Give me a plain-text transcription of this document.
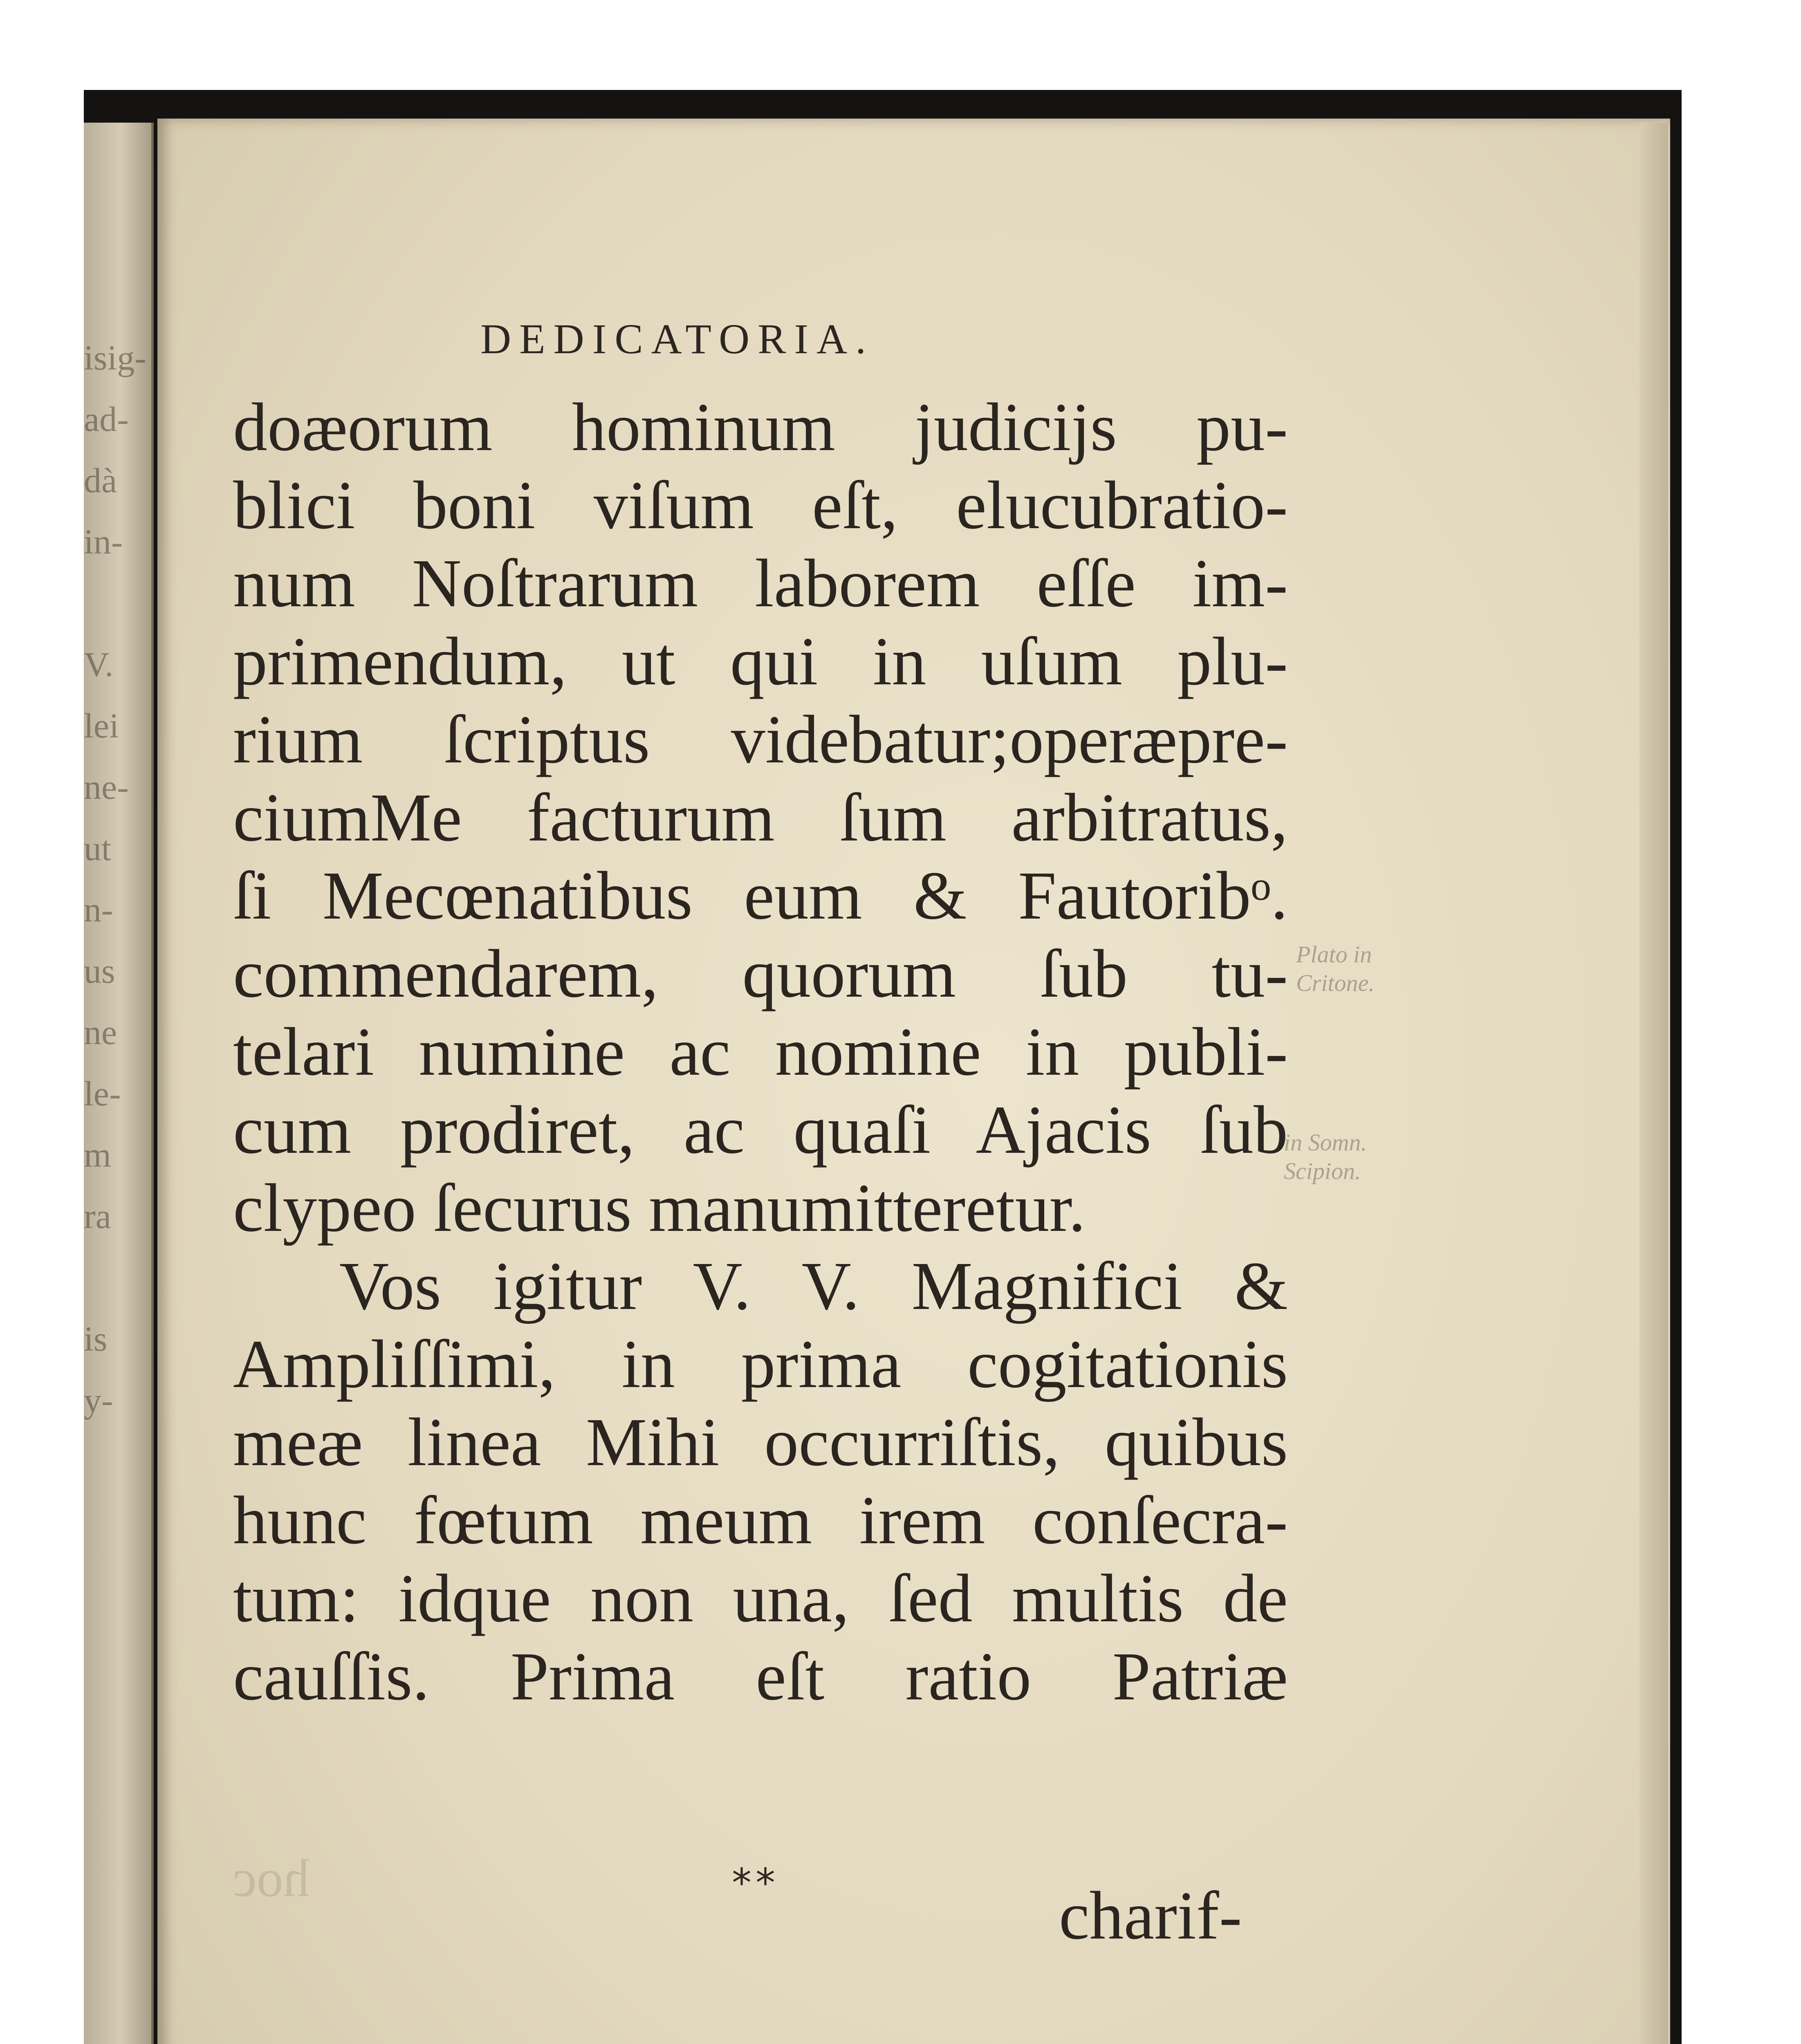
isig-
ad-
dà
in-
V.
lei
ne-
ut
n-
us
ne
le-
m
ra
is
y-
DEDICATORIA.
doæorum hominum judicijs pu-
blici boni viſum eſt, elucubratio-
num Noſtrarum laborem eſſe im-
primendum, ut qui in uſum plu-
rium ſcriptus videbatur;operæpre-
ciumMe facturum ſum arbitratus,
ſi Mecœnatibus eum & Fautoribᵒ.
commendarem, quorum ſub tu-
telari numine ac nomine in publi-
cum prodiret, ac quaſi Ajacis ſub
clypeo ſecurus manumitteretur.
Vos igitur V. V. Magnifici &
Ampliſſimi, in prima cogitationis
meæ linea Mihi occurriſtis, quibus
hunc fœtum meum irem conſecra-
tum: idque non una, ſed multis de
cauſſis. Prima eſt ratio Patriæ
Plato in
Critone.
in Somn.
Scipion.
hoc	**	charif-
